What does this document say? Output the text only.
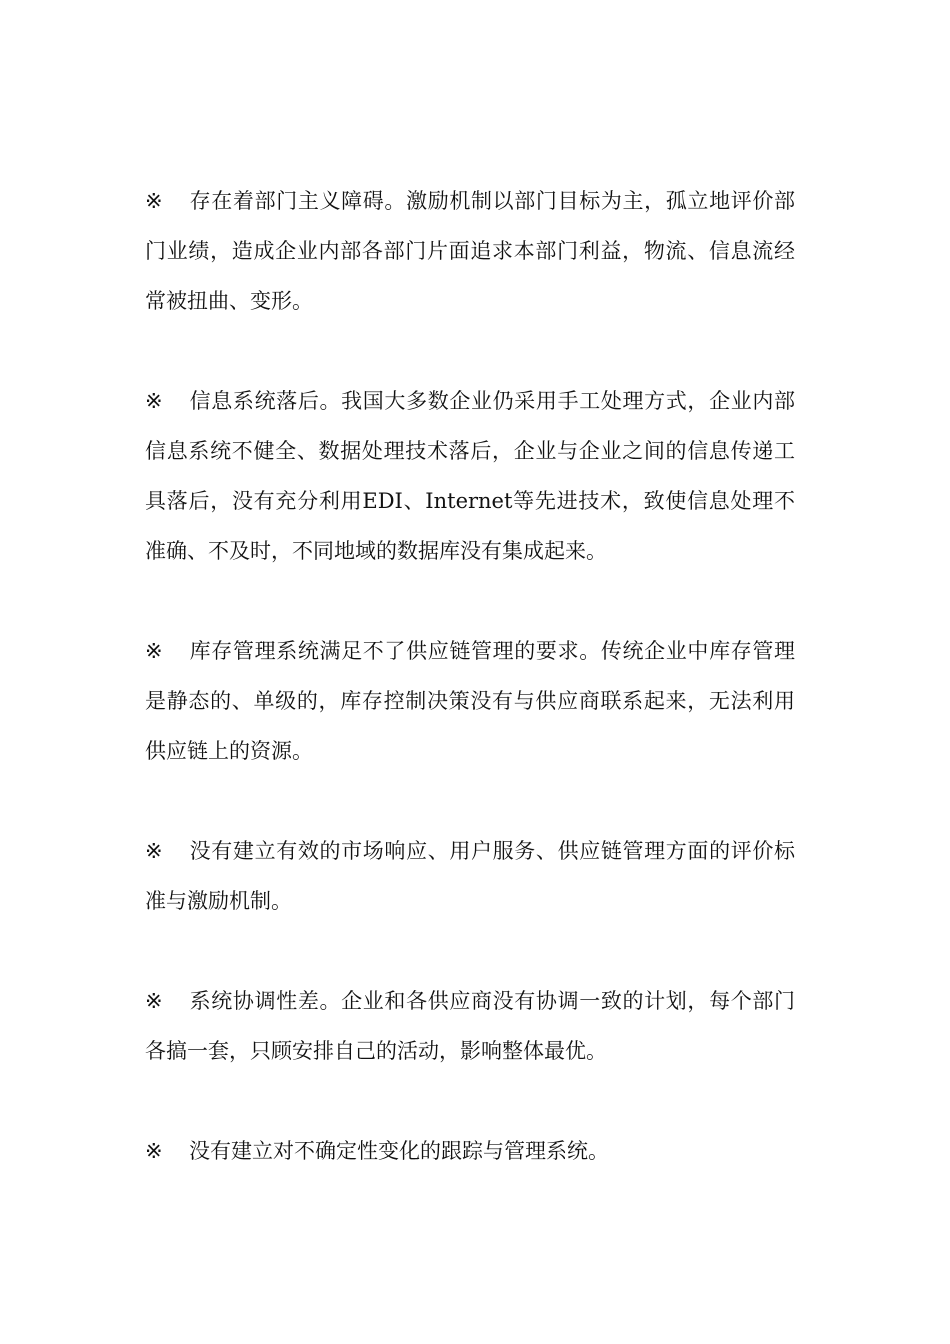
※ 存在着部门主义障碍。激励机制以部门目标为主，孤立地评价部门业绩，造成企业内部各部门片面追求本部门利益，物流、信息流经常被扭曲、变形。

※ 信息系统落后。我国大多数企业仍采用手工处理方式，企业内部信息系统不健全、数据处理技术落后，企业与企业之间的信息传递工具落后，没有充分利用EDI、Internet等先进技术，致使信息处理不准确、不及时，不同地域的数据库没有集成起来。

※ 库存管理系统满足不了供应链管理的要求。传统企业中库存管理是静态的、单级的，库存控制决策没有与供应商联系起来，无法利用供应链上的资源。

※ 没有建立有效的市场响应、用户服务、供应链管理方面的评价标准与激励机制。

※ 系统协调性差。企业和各供应商没有协调一致的计划，每个部门各搞一套，只顾安排自己的活动，影响整体最优。

※ 没有建立对不确定性变化的跟踪与管理系统。
